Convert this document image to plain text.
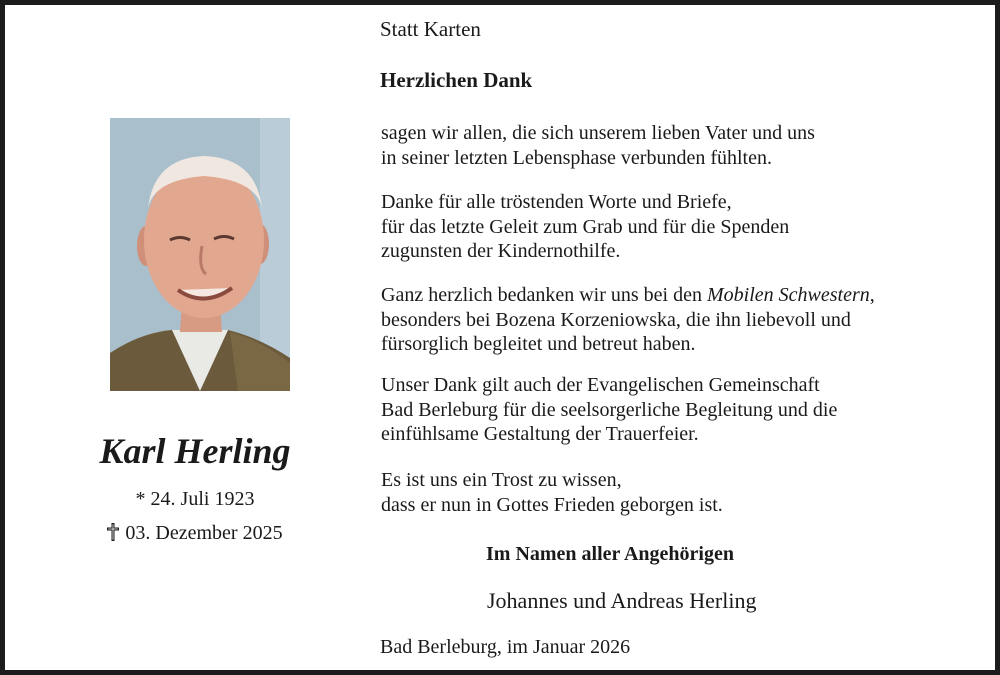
Statt Karten
Herzlichen Dank
sagen wir allen, die sich unserem lieben Vater und uns
in seiner letzten Lebensphase verbunden fühlten.
Danke für alle tröstenden Worte und Briefe,
für das letzte Geleit zum Grab und für die Spenden
zugunsten der Kindernothilfe.
Ganz herzlich bedanken wir uns bei den Mobilen Schwestern,
besonders bei Bozena Korzeniowska, die ihn liebevoll und
fürsorglich begleitet und betreut haben.
Unser Dank gilt auch der Evangelischen Gemeinschaft
Bad Berleburg für die seelsorgerliche Begleitung und die
einfühlsame Gestaltung der Trauerfeier.
Es ist uns ein Trost zu wissen,
dass er nun in Gottes Frieden geborgen ist.
Im Namen aller Angehörigen
Johannes und Andreas Herling
Bad Berleburg, im Januar 2026
Karl Herling
* 24. Juli 1923
03. Dezember 2025
